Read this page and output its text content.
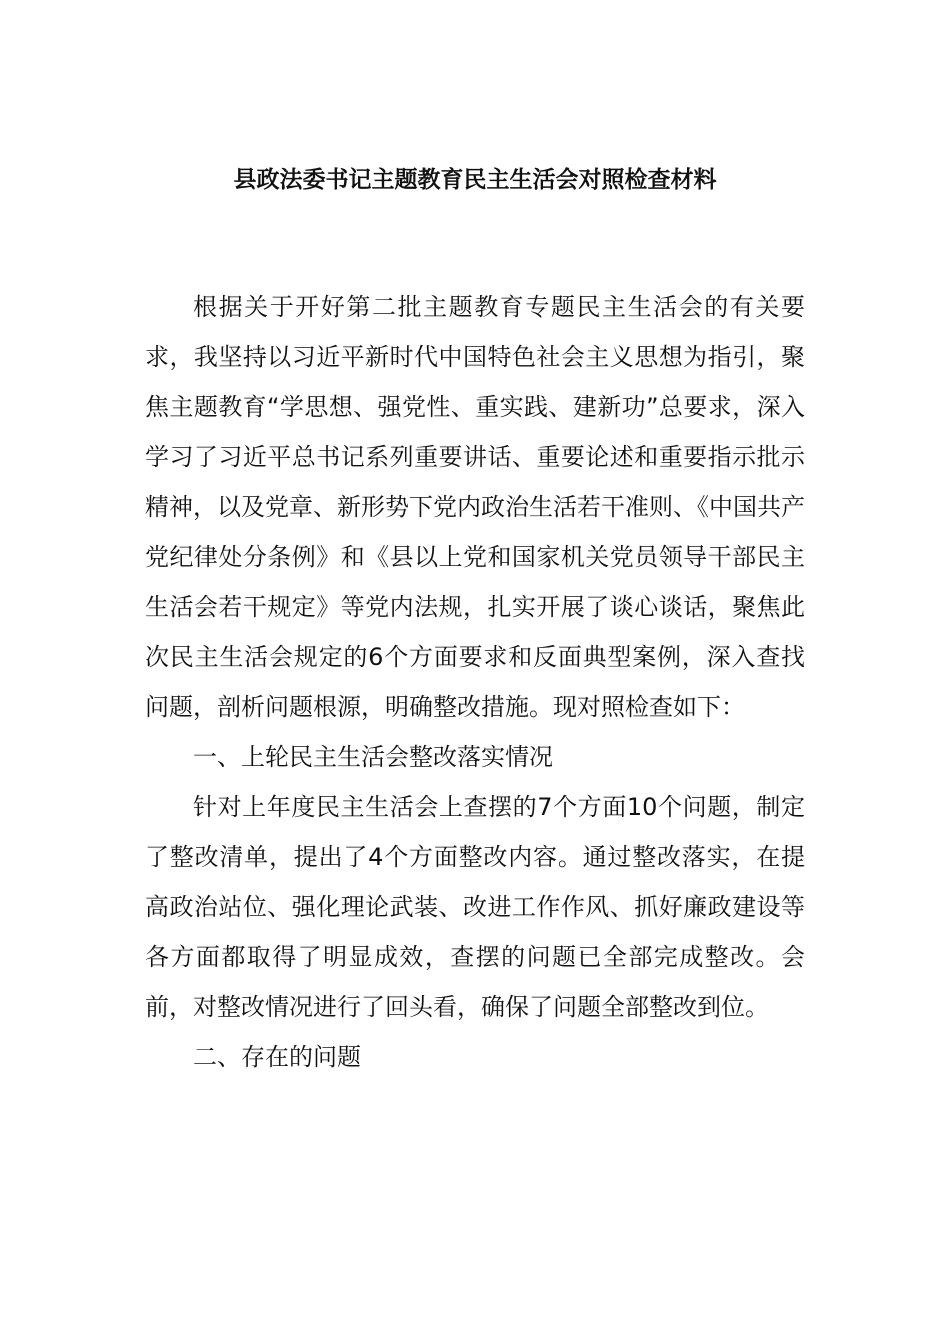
县政法委书记主题教育民主生活会对照检查材料

根据关于开好第二批主题教育专题民主生活会的有关要求，我坚持以习近平新时代中国特色社会主义思想为指引，聚焦主题教育“学思想、强党性、重实践、建新功”总要求，深入学习了习近平总书记系列重要讲话、重要论述和重要指示批示精神，以及党章、新形势下党内政治生活若干准则、《中国共产党纪律处分条例》和《县以上党和国家机关党员领导干部民主生活会若干规定》等党内法规，扎实开展了谈心谈话，聚焦此次民主生活会规定的6个方面要求和反面典型案例，深入查找问题，剖析问题根源，明确整改措施。现对照检查如下：

一、上轮民主生活会整改落实情况

针对上年度民主生活会上查摆的7个方面10个问题，制定了整改清单，提出了4个方面整改内容。通过整改落实，在提高政治站位、强化理论武装、改进工作作风、抓好廉政建设等各方面都取得了明显成效，查摆的问题已全部完成整改。会前，对整改情况进行了回头看，确保了问题全部整改到位。

二、存在的问题
